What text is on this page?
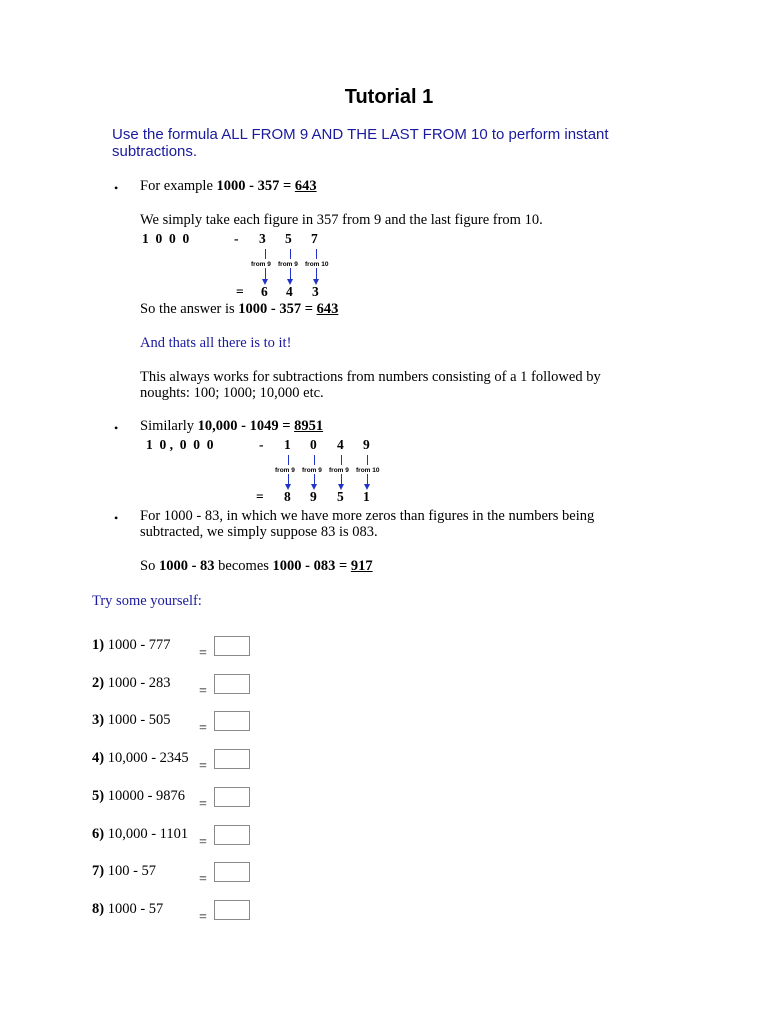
Tutorial 1
Use the formula ALL FROM 9 AND THE LAST FROM 10 to perform instant subtractions.
• For example 1000 - 357 = 643
We simply take each figure in 357 from 9 and the last figure from 10.
1  0  0  0	- 3 5 7
from 9 from 9 from 10
= 6 4 3
So the answer is 1000 - 357 = 643
And thats all there is to it!
This always works for subtractions from numbers consisting of a 1 followed by noughts: 100; 1000; 10,000 etc.
• Similarly 10,000 - 1049 = 8951
1  0 ,  0  0  0	- 1 0 4 9
from 9 from 9 from 9 from 10
= 8 9 5 1
• For 1000 - 83, in which we have more zeros than figures in the numbers being subtracted, we simply suppose 83 is 083.
So 1000 - 83 becomes 1000 - 083 = 917
Try some yourself:
1) 1000 - 777
=
2) 1000 - 283
=
3) 1000 - 505
=
4) 10,000 - 2345
=
5) 10000 - 9876
=
6) 10,000 - 1101
=
7) 100 - 57
=
8) 1000 - 57
=
